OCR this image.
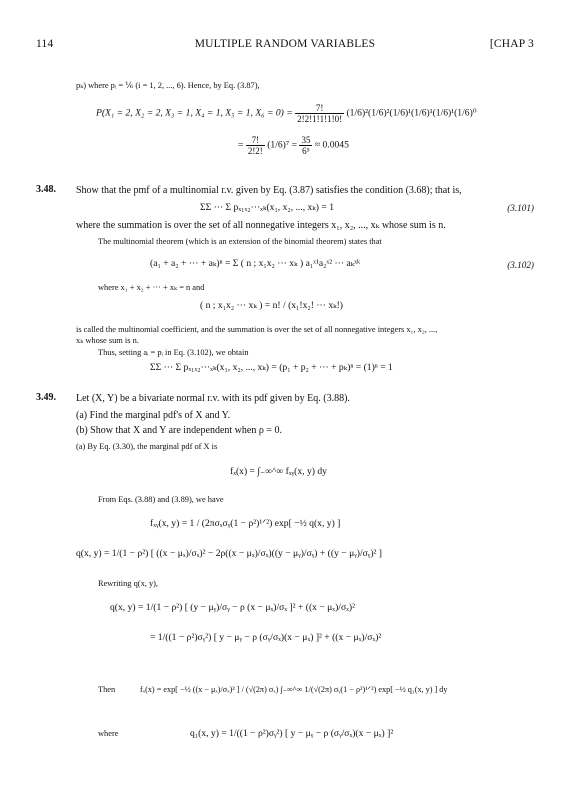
114	MULTIPLE RANDOM VARIABLES	[CHAP 3
pₖ) where pᵢ = ⅙ (i = 1, 2, ..., 6). Hence, by Eq. (3.87),
P(X₁ = 2, X₂ = 2, X₃ = 1, X₄ = 1, X₅ = 1, $X_6 = 0) = \frac{7!}{2!2!1!1!1!0!} (1/6)^2(1/6)^2(1/6)^1(1/6)^1(1/6)^1(1/6)^0$
= $\frac{7!}{2!2!} (1/6)^7 = \frac{35}{\text{6⁵}} \approx 0.0045$
3.48. Show that the pmf of a multinomial r.v. given by Eq. (3.87) satisfies the condition (3.68); that is,
ΣΣ ··· Σ pₓ₁ₓ₂···ₓₖ(x₁, x₂, ..., xₖ) = 1	(3.101)
where the summation is over the set of all nonnegative integers x₁, x₂, ..., xₖ whose sum is n.
The multinomial theorem (which is an extension of the binomial theorem) states that
(a₁ + a₂ + ··· + aₖ)ⁿ = Σ ( n ; x₁x₂ ··· xₖ ) a₁ˣ¹a₂ˣ² ··· aₖˣᵏ	(3.102)
where x₁ + x₂ + ··· + xₖ = n and
( n ; x₁x₂ ··· xₖ ) = n! / (x₁!x₂! ··· xₖ!)
is called the multinomial coefficient, and the summation is over the set of all nonnegative integers x₁, x₂, ...,
xₖ whose sum is n.
Thus, setting aᵢ = pᵢ in Eq. (3.102), we obtain
ΣΣ ··· Σ pₓ₁ₓ₂···ₓₖ(x₁, x₂, ..., xₖ) = (p₁ + p₂ + ··· + pₖ)ⁿ = (1)ⁿ = 1
3.49. Let (X, Y) be a bivariate normal r.v. with its pdf given by Eq. (3.88).
(a) Find the marginal pdf's of X and Y.
(b) Show that X and Y are independent when ρ = 0.
(a) By Eq. (3.30), the marginal pdf of X is
fₓ(x) = ∫₋∞^∞ fₓᵧ(x, y) dy
From Eqs. (3.88) and (3.89), we have
fₓᵧ(x, y) = 1 / (2πσₓσᵧ(1 − ρ²)¹ᐟ²) exp[ −½ q(x, y) ]
q(x, y) = 1/(1 − ρ²) [ ((x − μₓ)/σₓ)² − 2ρ((x − μₓ)/σₓ)((y − μᵧ)/σᵧ) + ((y − μᵧ)/σᵧ)² ]
Rewriting q(x, y),
q(x, y) = 1/(1 − ρ²) [ (y − μᵧ)/σᵧ − ρ (x − μₓ)/σₓ ]² + ((x − μₓ)/σₓ)²
= 1/((1 − ρ²)σᵧ²) [ y − μᵧ − ρ (σᵧ/σₓ)(x − μₓ) ]² + ((x − μₓ)/σₓ)²
Then	fₓ(x) = exp[ −½ ((x − μₓ)/σₓ)² ] / (√(2π) σₓ) ∫₋∞^∞ 1/(√(2π) σᵧ(1 − ρ²)¹ᐟ²) exp[ −½ q₁(x, y) ] dy
where	q₁(x, y) = 1/((1 − ρ²)σᵧ²) [ y − μᵧ − ρ (σᵧ/σₓ)(x − μₓ) ]²
